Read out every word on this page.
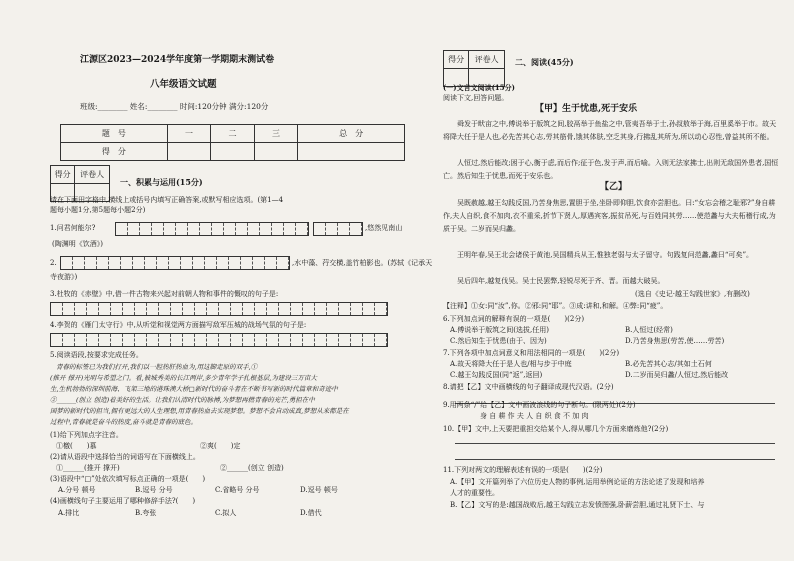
江源区2023—2024学年度第一学期期末测试卷
八年级语文试题
班级:________ 姓名:________ 时间:120分钟 满分:120分
题　号	一	二	三	总　分
得　分				
得分	评卷人

一、积累与运用(15分)
请在下面田字格中,横线上或括号内填写正确答案,或默写相应选项。(第1—4
题每小题1分,第5题每小题2分)
1.问君何能尔?	,悠然见南山
(陶渊明《饮酒》)
2.	,水中藻、荇交横,盖竹柏影也。(苏轼《记承天
寺夜游》)
3.杜牧的《赤壁》中,借一件古物来兴起对前朝人物和事件的慨叹的句子是:
4.李贺的《雁门太守行》中,从听觉和视觉两方面描写敌军压城的战场气氛的句子是:
5.阅读语段,按要求完成任务。
青春的标签已为我们打开,我们以一腔热肝热血为,用这脚走原的双手,①
(推开 撑开)光明与希望之门。看,被城秀美的长江两岸,多少青年学子扎根基层,为建设三万亩大
生,生机勃勃的深圳前海、飞架三地的港珠澳大桥□新时代的奋斗者在不断书写新的时代篇章和奇迹中
②______(创立 创造)着美好的生活。让我们认清时代的脉搏,为梦想再燃青春的光芒,勇担在中
国梦的新时代的担当,拥有更远大的人生理想,用青春热血去实现梦想。梦想不会自动成真,梦想从来都是在
过程中,青春就是奋斗的热度,奋斗就是青春的底色。
(1)给下列加点字注音。
①檄(　　)慕	②爽(　　)定
(2)请从语段中选择恰当的词语写在下面横线上。
①______(推开 撑开)	②______(创立 创造)
(3)语段中“□”处依次填写标点正确的一项是(　　)
A.分号 顿号	B.逗号 分号	C.省略号 分号	D.逗号 顿号
(4)画横线句子主要运用了哪种修辞手法?(　　)
A.排比	B.夸张	C.拟人	D.借代
得分	评卷人
	二、阅读(45分)
(一)文言文阅读(15分)
阅读下文,回答问题。
【甲】生于忧患,死于安乐
　　舜发于畎亩之中,傅说举于版筑之间,胶鬲举于鱼盐之中,管夷吾举于士,孙叔敖举于海,百里奚举于市。故天将降大任于是人也,必先苦其心志,劳其筋骨,饿其体肤,空乏其身,行拂乱其所为,所以动心忍性,曾益其所不能。
　　人恒过,然后能改;困于心,衡于虑,而后作;征于色,发于声,而后喻。入则无法家拂士,出则无敌国外患者,国恒亡。然后知生于忧患,而死于安乐也。
【乙】
　　吴既赦越,越王勾践反国,乃苦身焦思,置胆于坐,坐卧即仰胆,饮食亦尝胆也。曰:“女忘会稽之耻邪?”身自耕作,夫人自织,食不加肉,衣不重采,折节下贤人,厚遇宾客,振贫吊死,与百姓同其劳……使范蠡与大夫柘稽行成,为质于吴。二岁而吴归蠡。
　　王明年春,吴王北会诸侯于黄池,吴国精兵从王,惟独老弱与太子留守。句践复问范蠡,蠡曰“可矣”。
　　吴后四年,越复伐吴。吴士民罢弊,轻锐尽死于齐、晋。而越大破吴。
(选自《史记·越王勾践世家》,有删改)
【注释】①女:同“汝”,你。②邪:同“耶”。③成:讲和,和解。④弊:同“疲”。
6.下列加点词的解释有误的一项是(　　)(2分)
A.傅说举于版筑之间(选拔,任用)	B.人恒过(经常)
C.然后知生于忧患(由于、因为)	D.乃苦身焦思(劳苦,使……劳苦)
7.下列各项中加点词意义和用法相同的一项是(　　)(2分)
A.故天将降大任于是人也/相与步于中庭	B.必先苦其心志/其如土石何
C.越王勾践反国(同“返”,返回)	D.二岁而吴归蠡/人恒过,然后能改
8.请把【乙】文中画横线的句子翻译成现代汉语。(2分)
9.用两条“/”给【乙】文中画波浪线的句子断句。(限两处)(2分)
身 自 耕 作 夫 人 自 织 食 不 加 肉
10.【甲】文中,上天要把重担交给某个人,得从哪几个方面来磨炼他?(2分)
11.下列对两文的理解表述有误的一项是(　　)(2分)
A.【甲】文开篇列举了六位历史人物的事例,运用举例论证的方法论述了发现和培养
人才的重要性。
B.【乙】文写的是:越国战败后,越王勾践立志发愤图强,卧薪尝胆,通过礼贤下士、与
